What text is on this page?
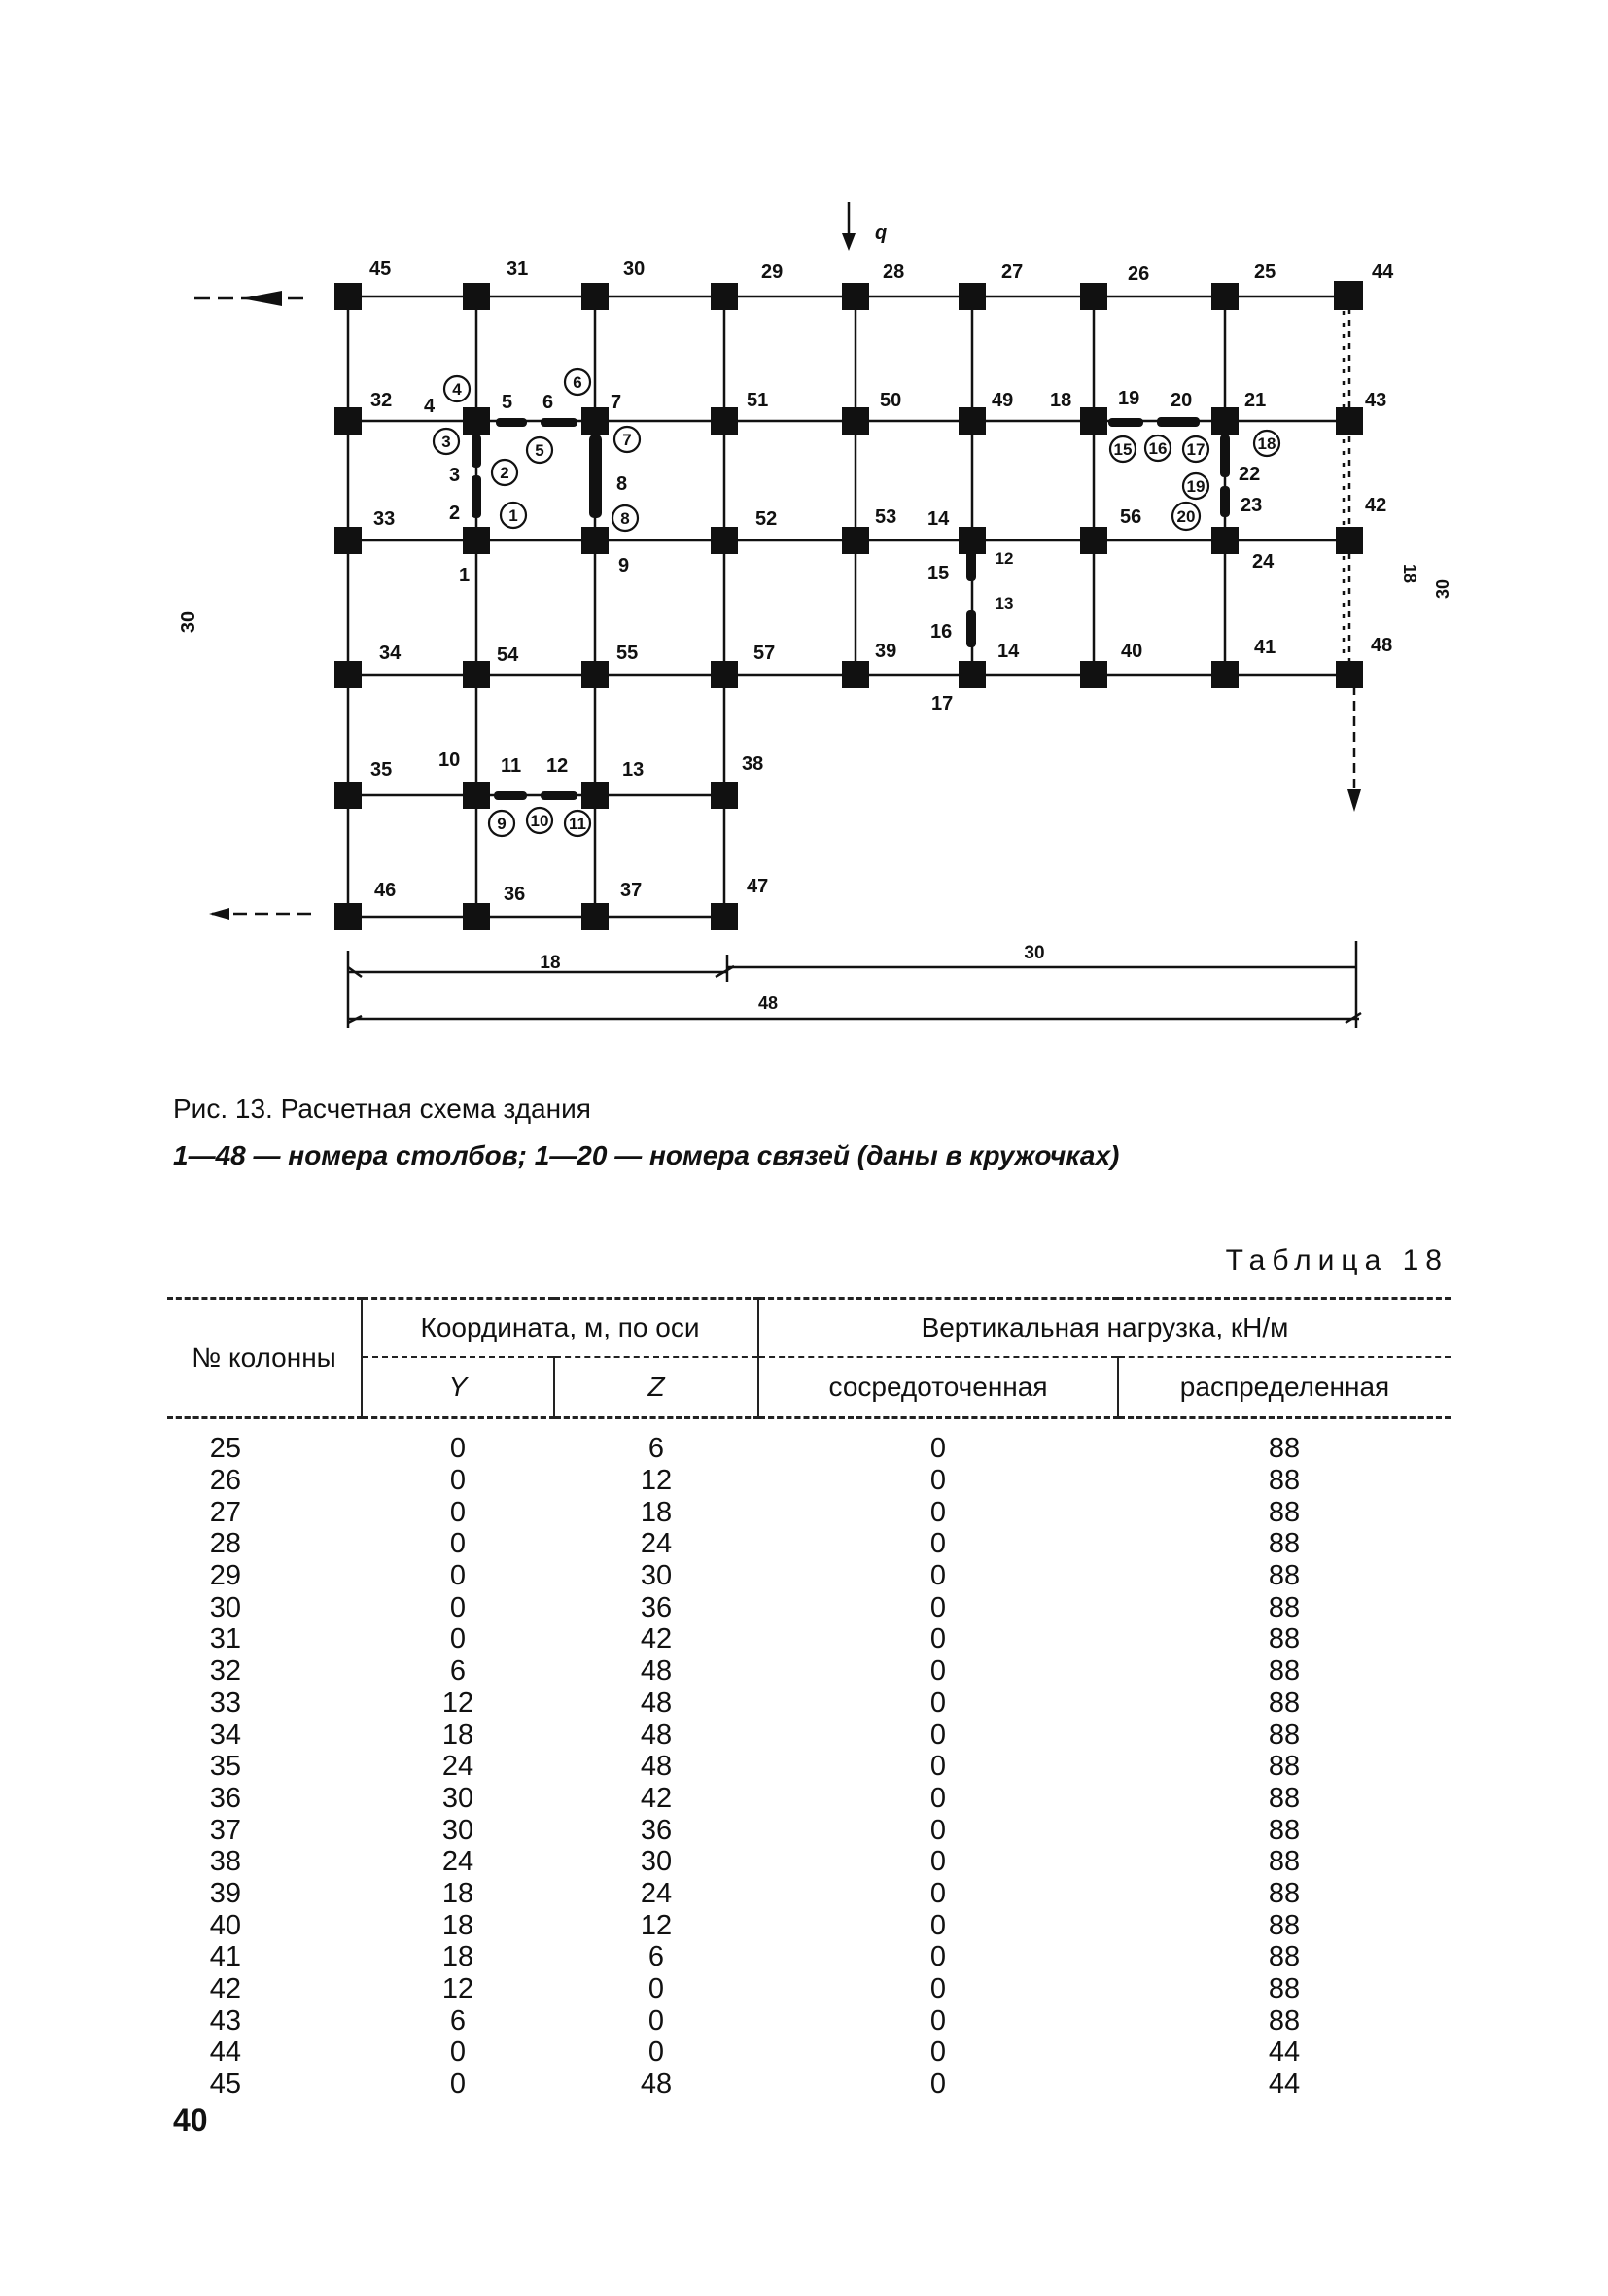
45	31	30	29	28	27	26	25	44
32 4	5 6	7	51	50	49 18 19 20	21	43
3	8	22
33	2	52	53 14	56
23	42
1	9	15
24
16
34	54	55	57	39	14	40	41	48
17
10 11 12	13
35	38
46	36	37	47
1
2
3
4
5
6
7
8
9 10 11
12
13
15 16 17	18
19
20
q
30
18
30
18	30
48
Рис. 13. Расчетная схема здания
1—48 — номера столбов; 1—20 — номера связей (даны в кружочках)
Таблица 18
№ колонны	Координата, м, по оси		Вертикальная нагрузка, кН/м	
	Y	Z	сосредоточенная	распределенная
25	0	6	0	88
26	0	12	0	88
27	0	18	0	88
28	0	24	0	88
29	0	30	0	88
30	0	36	0	88
31	0	42	0	88
32	6	48	0	88
33	12	48	0	88
34	18	48	0	88
35	24	48	0	88
36	30	42	0	88
37	30	36	0	88
38	24	30	0	88
39	18	24	0	88
40	18	12	0	88
41	18	6	0	88
42	12	0	0	88
43	6	0	0	88
44	0	0	0	44
45	0	48	0	44
40
